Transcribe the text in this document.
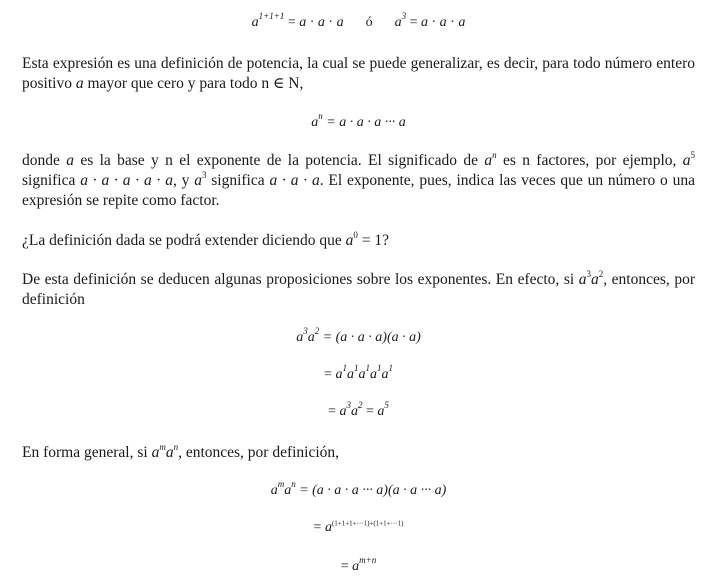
$a^{1+1+1} = a \cdot a \cdot a$ ó $a^3 = a \cdot a \cdot a$

Esta expresión es una definición de potencia, la cual se puede generalizar, es decir, para todo número entero positivo a mayor que cero y para todo n ∈ N,

$a^n = a \cdot a \cdot a$ ··· a

donde a es la base y n el exponente de la potencia. El significado de $a^n$ es n factores, por ejemplo, $a^5$ significa a · a · a · a · a, y $a^3$ significa a · a · a. El exponente, pues, indica las veces que un número o una expresión se repite como factor.

¿La definición dada se podrá extender diciendo que $a^0 = 1$?

De esta definición se deducen algunas proposiciones sobre los exponentes. En efecto, si $a^3a^2$, entonces, por definición

$a^3a^2 = (a \cdot a \cdot a)(a \cdot a)$
= $a^1a^1a^1a^1a^1$
= $a^3a^2 = a^5$

En forma general, si $a^ma^n$, entonces, por definición,

$a^ma^n = (a \cdot a \cdot a$ ··· a)(a · a ··· a)
= $a^{(1+1+1+\cdot\cdot\cdot 1)+(1+1+\cdot\cdot\cdot 1)}$
= $a^{m+n}$
